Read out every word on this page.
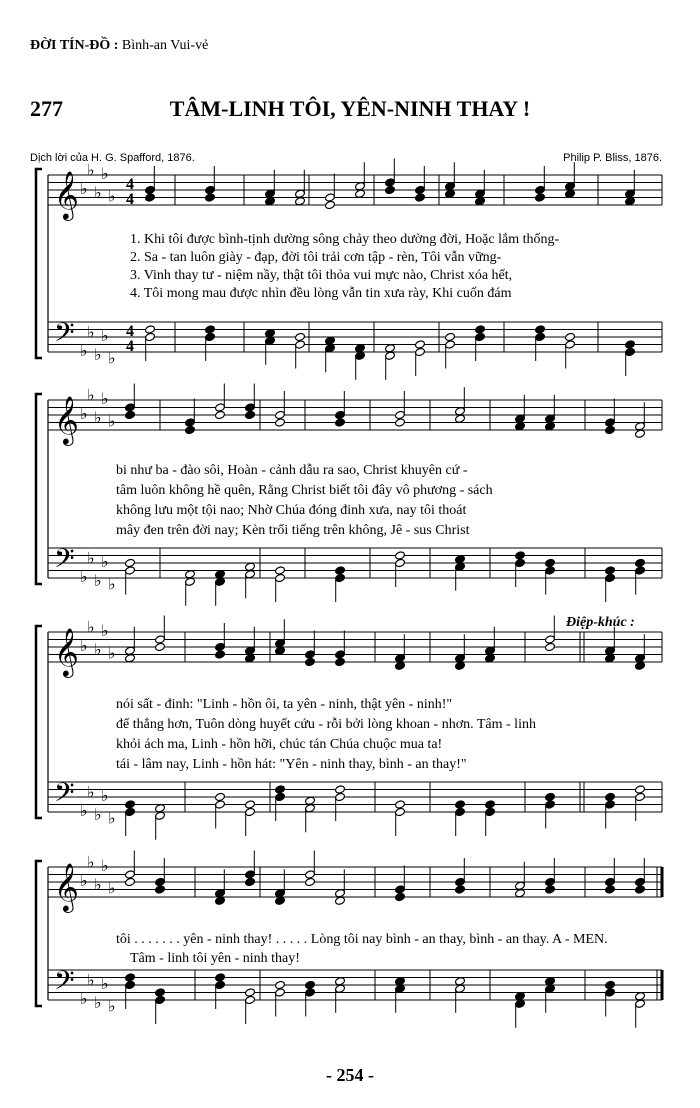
ĐỜI TÍN-ĐỒ : Bình-an Vui-vẻ
277	TÂM-LINH TÔI, YÊN-NINH THAY !
Dịch lời của H. G. Spafford, 1876.	Philip P. Bliss, 1876.
𝄞
𝄢
♭
♭
♭
♭
♭
♭
♭
♭
♭
♭
4
4
4
4
𝄞
𝄢
♭
♭
♭
♭
♭
♭
♭
♭
♭
♭
𝄞
𝄢
♭
♭
♭
♭
♭
♭
♭
♭
♭
♭
𝄞
𝄢
♭
♭
♭
♭
♭
♭
♭
♭
♭
♭
1. Khi tôi được bình-tịnh dường sông chảy theo dường đời, Hoặc lắm thống-
2. Sa - tan luôn giày - đạp, đời tôi trải cơn tập - rèn, Tôi vẫn vững-
3. Vinh thay tư - niệm nầy, thật tôi thỏa vui mực nào, Christ xóa hết,
4. Tôi mong mau được nhìn đều lòng vẫn tin xưa rày, Khi cuốn đám
bi như ba - đào sôi, Hoàn - cảnh dẫu ra sao, Christ khuyên cứ -
tâm luôn không hề quên, Rằng Christ biết tôi đây vô phương - sách
không lưu một tội nao; Nhờ Chúa đóng đinh xưa, nay tôi thoát
mây đen trên đời nay; Kèn trổi tiếng trên không, Jê - sus Christ
nói sất - đinh: "Linh - hồn ôi, ta yên - ninh, thật yên - ninh!"
để thắng hơn, Tuôn dòng huyết cứu - rỗi bởi lòng khoan - nhơn. Tâm - linh
khỏi ách ma, Linh - hồn hỡi, chúc tán Chúa chuộc mua ta!
tái - lâm nay, Linh - hồn hát: "Yên - ninh thay, bình - an thay!"
tôi . . . . . . . yên - ninh thay! . . . . . Lòng tôi nay bình - an thay, bình - an thay. A - MEN.
Tâm - linh tôi yên - ninh thay!
Điệp-khúc :
- 254 -
